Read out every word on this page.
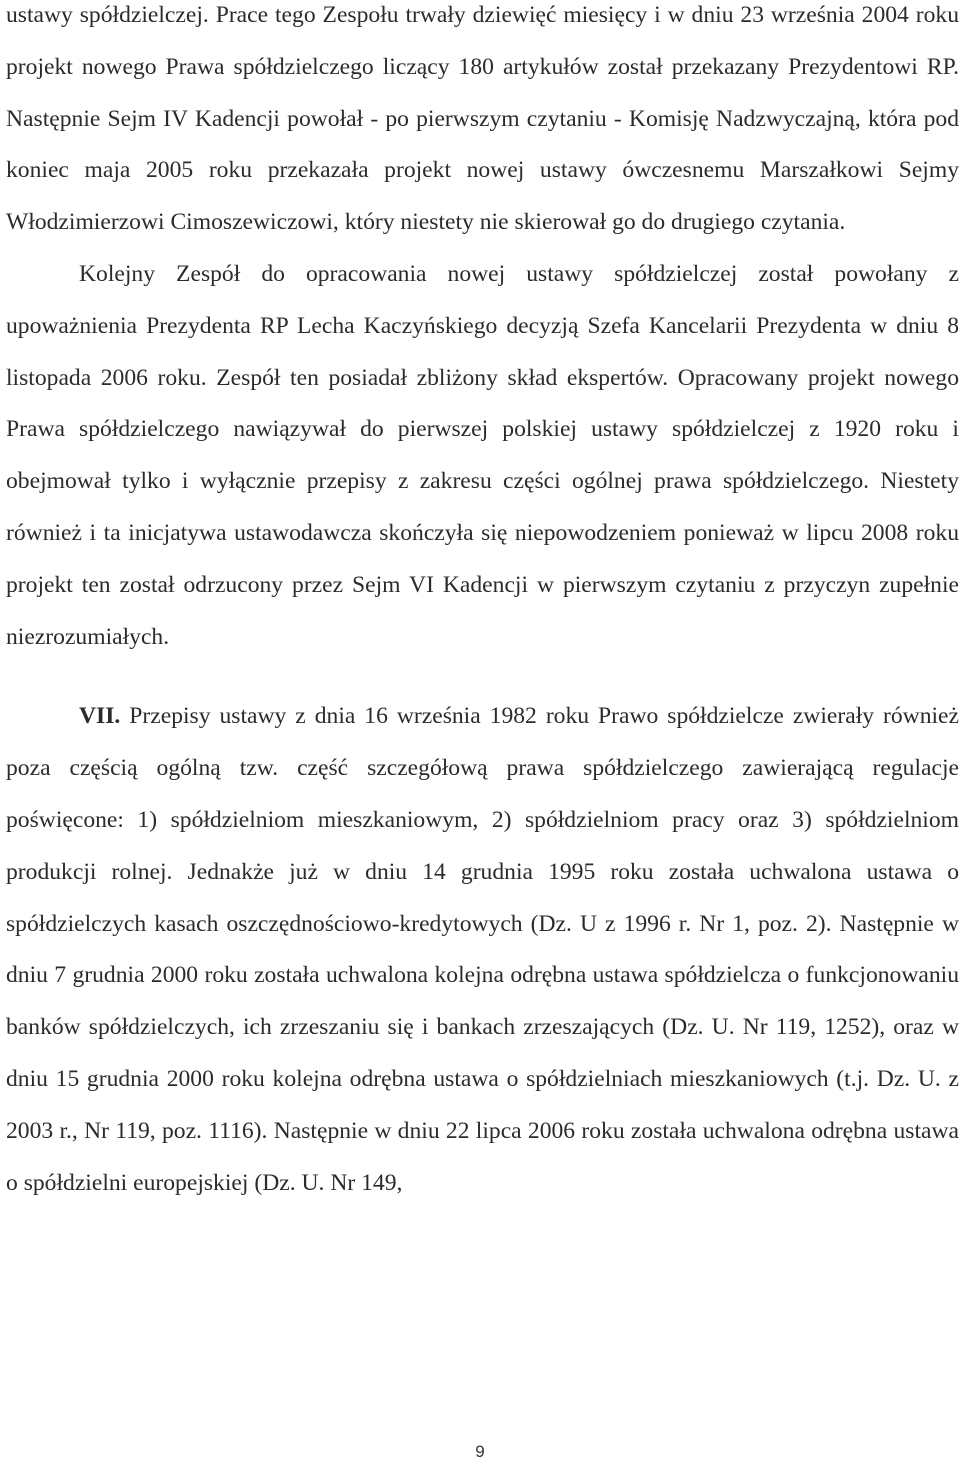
ustawy spółdzielczej. Prace tego Zespołu trwały dziewięć miesięcy i w dniu 23 września 2004 roku projekt nowego Prawa spółdzielczego liczący 180 artykułów został przekazany Prezydentowi RP. Następnie Sejm IV Kadencji powołał - po pierwszym czytaniu - Komisję Nadzwyczajną, która pod koniec maja 2005 roku przekazała projekt nowej ustawy ówczesnemu Marszałkowi Sejmy Włodzimierzowi Cimoszewiczowi, który niestety nie skierował go do drugiego czytania.

Kolejny Zespół do opracowania nowej ustawy spółdzielczej został powołany z upoważnienia Prezydenta RP Lecha Kaczyńskiego decyzją Szefa Kancelarii Prezydenta w dniu 8 listopada 2006 roku. Zespół ten posiadał zbliżony skład ekspertów. Opracowany projekt nowego Prawa spółdzielczego nawiązywał do pierwszej polskiej ustawy spółdzielczej z 1920 roku i obejmował tylko i wyłącznie przepisy z zakresu części ogólnej prawa spółdzielczego. Niestety również i ta inicjatywa ustawodawcza skończyła się niepowodzeniem ponieważ w lipcu 2008 roku projekt ten został odrzucony przez Sejm VI Kadencji w pierwszym czytaniu z przyczyn zupełnie niezrozumiałych.

VII. Przepisy ustawy z dnia 16 września 1982 roku Prawo spółdzielcze zwierały również poza częścią ogólną tzw. część szczegółową prawa spółdzielczego zawierającą regulacje poświęcone: 1) spółdzielniom mieszkaniowym, 2) spółdzielniom pracy oraz 3) spółdzielniom produkcji rolnej. Jednakże już w dniu 14 grudnia 1995 roku została uchwalona ustawa o spółdzielczych kasach oszczędnościowo-kredytowych (Dz. U z 1996 r. Nr 1, poz. 2). Następnie w dniu 7 grudnia 2000 roku została uchwalona kolejna odrębna ustawa spółdzielcza o funkcjonowaniu banków spółdzielczych, ich zrzeszaniu się i bankach zrzeszających (Dz. U. Nr 119, 1252), oraz w dniu 15 grudnia 2000 roku kolejna odrębna ustawa o spółdzielniach mieszkaniowych (t.j. Dz. U. z 2003 r., Nr 119, poz. 1116). Następnie w dniu 22 lipca 2006 roku została uchwalona odrębna ustawa o spółdzielni europejskiej (Dz. U. Nr 149,

9
